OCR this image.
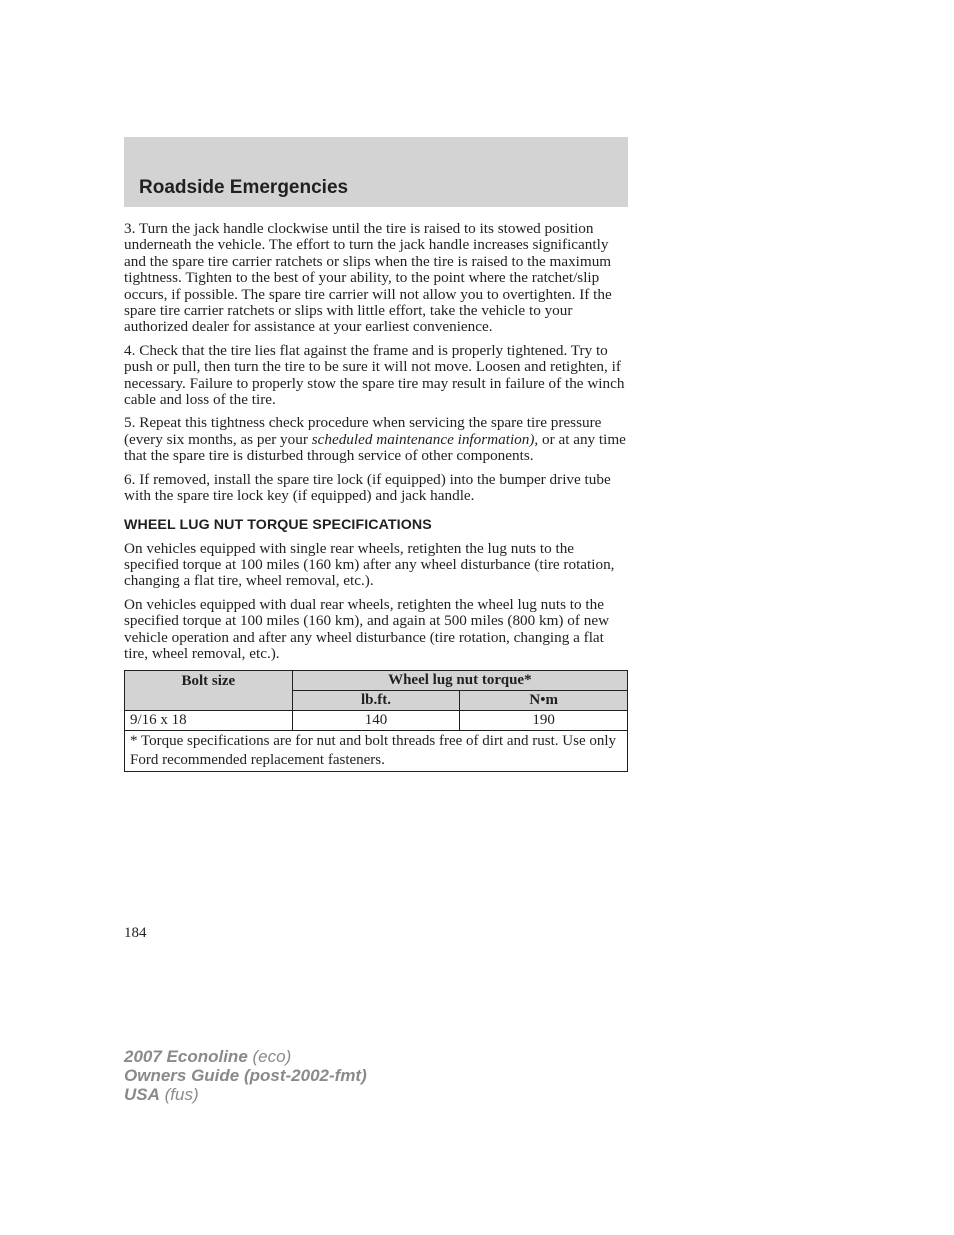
Roadside Emergencies

3. Turn the jack handle clockwise until the tire is raised to its stowed position underneath the vehicle. The effort to turn the jack handle increases significantly and the spare tire carrier ratchets or slips when the tire is raised to the maximum tightness. Tighten to the best of your ability, to the point where the ratchet/slip occurs, if possible. The spare tire carrier will not allow you to overtighten. If the spare tire carrier ratchets or slips with little effort, take the vehicle to your authorized dealer for assistance at your earliest convenience.

4. Check that the tire lies flat against the frame and is properly tightened. Try to push or pull, then turn the tire to be sure it will not move. Loosen and retighten, if necessary. Failure to properly stow the spare tire may result in failure of the winch cable and loss of the tire.

5. Repeat this tightness check procedure when servicing the spare tire pressure (every six months, as per your scheduled maintenance information), or at any time that the spare tire is disturbed through service of other components.

6. If removed, install the spare tire lock (if equipped) into the bumper drive tube with the spare tire lock key (if equipped) and jack handle.

WHEEL LUG NUT TORQUE SPECIFICATIONS

On vehicles equipped with single rear wheels, retighten the lug nuts to the specified torque at 100 miles (160 km) after any wheel disturbance (tire rotation, changing a flat tire, wheel removal, etc.).

On vehicles equipped with dual rear wheels, retighten the wheel lug nuts to the specified torque at 100 miles (160 km), and again at 500 miles (800 km) of new vehicle operation and after any wheel disturbance (tire rotation, changing a flat tire, wheel removal, etc.).

Bolt size	Wheel lug nut torque*	
	lb.ft.	N•m
9/16 x 18	140	190
* Torque specifications are for nut and bolt threads free of dirt and rust. Use only Ford recommended replacement fasteners.		
184
2007 Econoline (eco)
Owners Guide (post-2002-fmt)
USA (fus)
